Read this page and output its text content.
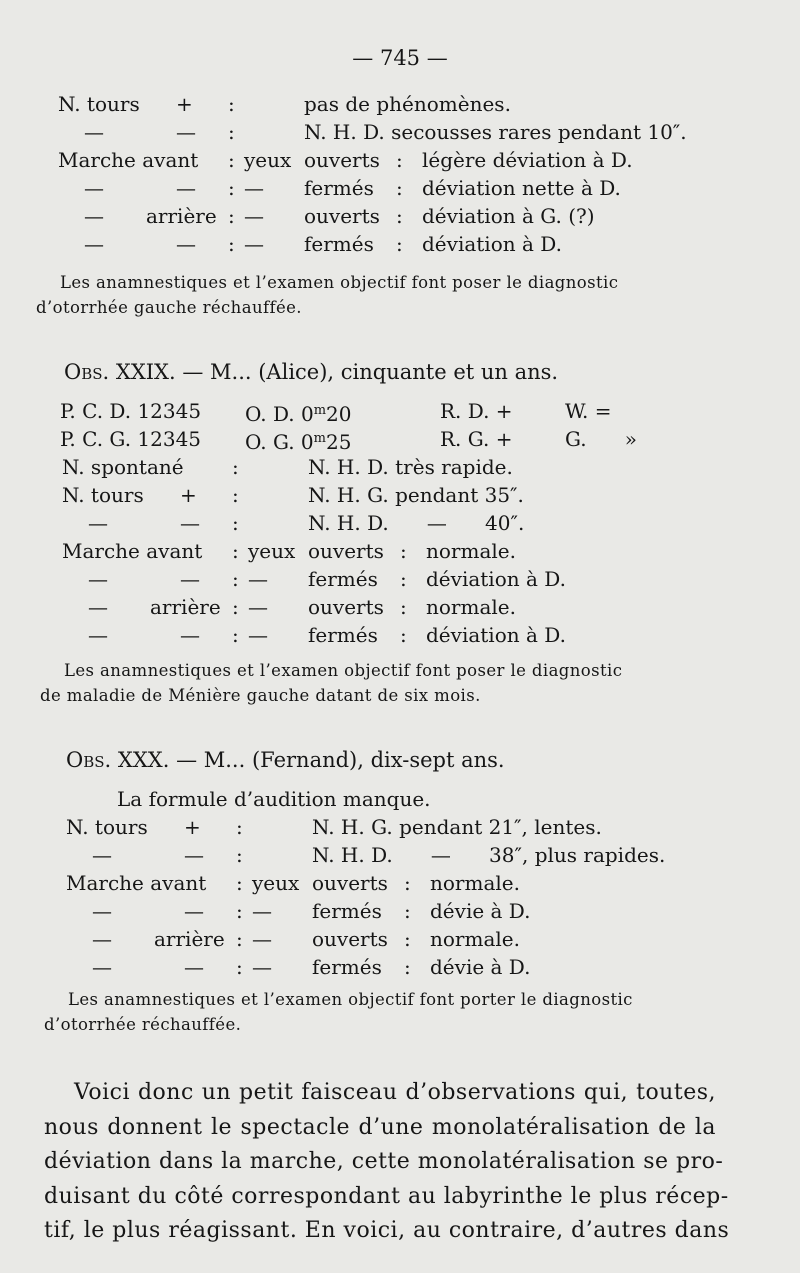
— 745 —
N. tours + :	pas de phénomènes.
—	— :	N. H. D. secousses rares pendant 10″.
Marche avant : yeux ouverts : légère déviation à D.
—	— : — fermés : déviation nette à D.
— arrière : — ouverts : déviation à G. (?)
—	— : — fermés : déviation à D.
Les anamnestiques et l’examen objectif font poser le diagnostic
d’otorrhée gauche réchauffée.
Obs. XXIX. — M... (Alice), cinquante et un ans.
P. C. D. 12345 O. D. 0$^m$20	R. D. +	W. =
P. C. G. 12345 O. G. 0$^m$25	R. G. +	G.      »
N. spontané :	N. H. D. très rapide.
N. tours + :	N. H. G. pendant 35″.
—	— :	N. H. D.      —      40″.
Marche avant : yeux ouverts : normale.
—	— : — fermés : déviation à D.
— arrière : — ouverts : normale.
—	— : — fermés : déviation à D.
Les anamnestiques et l’examen objectif font poser le diagnostic
de maladie de Ménière gauche datant de six mois.
Obs. XXX. — M... (Fernand), dix-sept ans.
La formule d’audition manque.
N. tours + :	N. H. G. pendant 21″, lentes.
—	— :	N. H. D.      —      38″, plus rapides.
Marche avant : yeux ouverts : normale.
—	— : — fermés : dévie à D.
— arrière : — ouverts : normale.
—	— : — fermés : dévie à D.
Les anamnestiques et l’examen objectif font porter le diagnostic
d’otorrhée réchauffée.
Voici donc un petit faisceau d’observations qui, toutes,
nous donnent le spectacle d’une monolatéralisation de la
déviation dans la marche, cette monolatéralisation se pro-
duisant du côté correspondant au labyrinthe le plus récep-
tif, le plus réagissant. En voici, au contraire, d’autres dans
